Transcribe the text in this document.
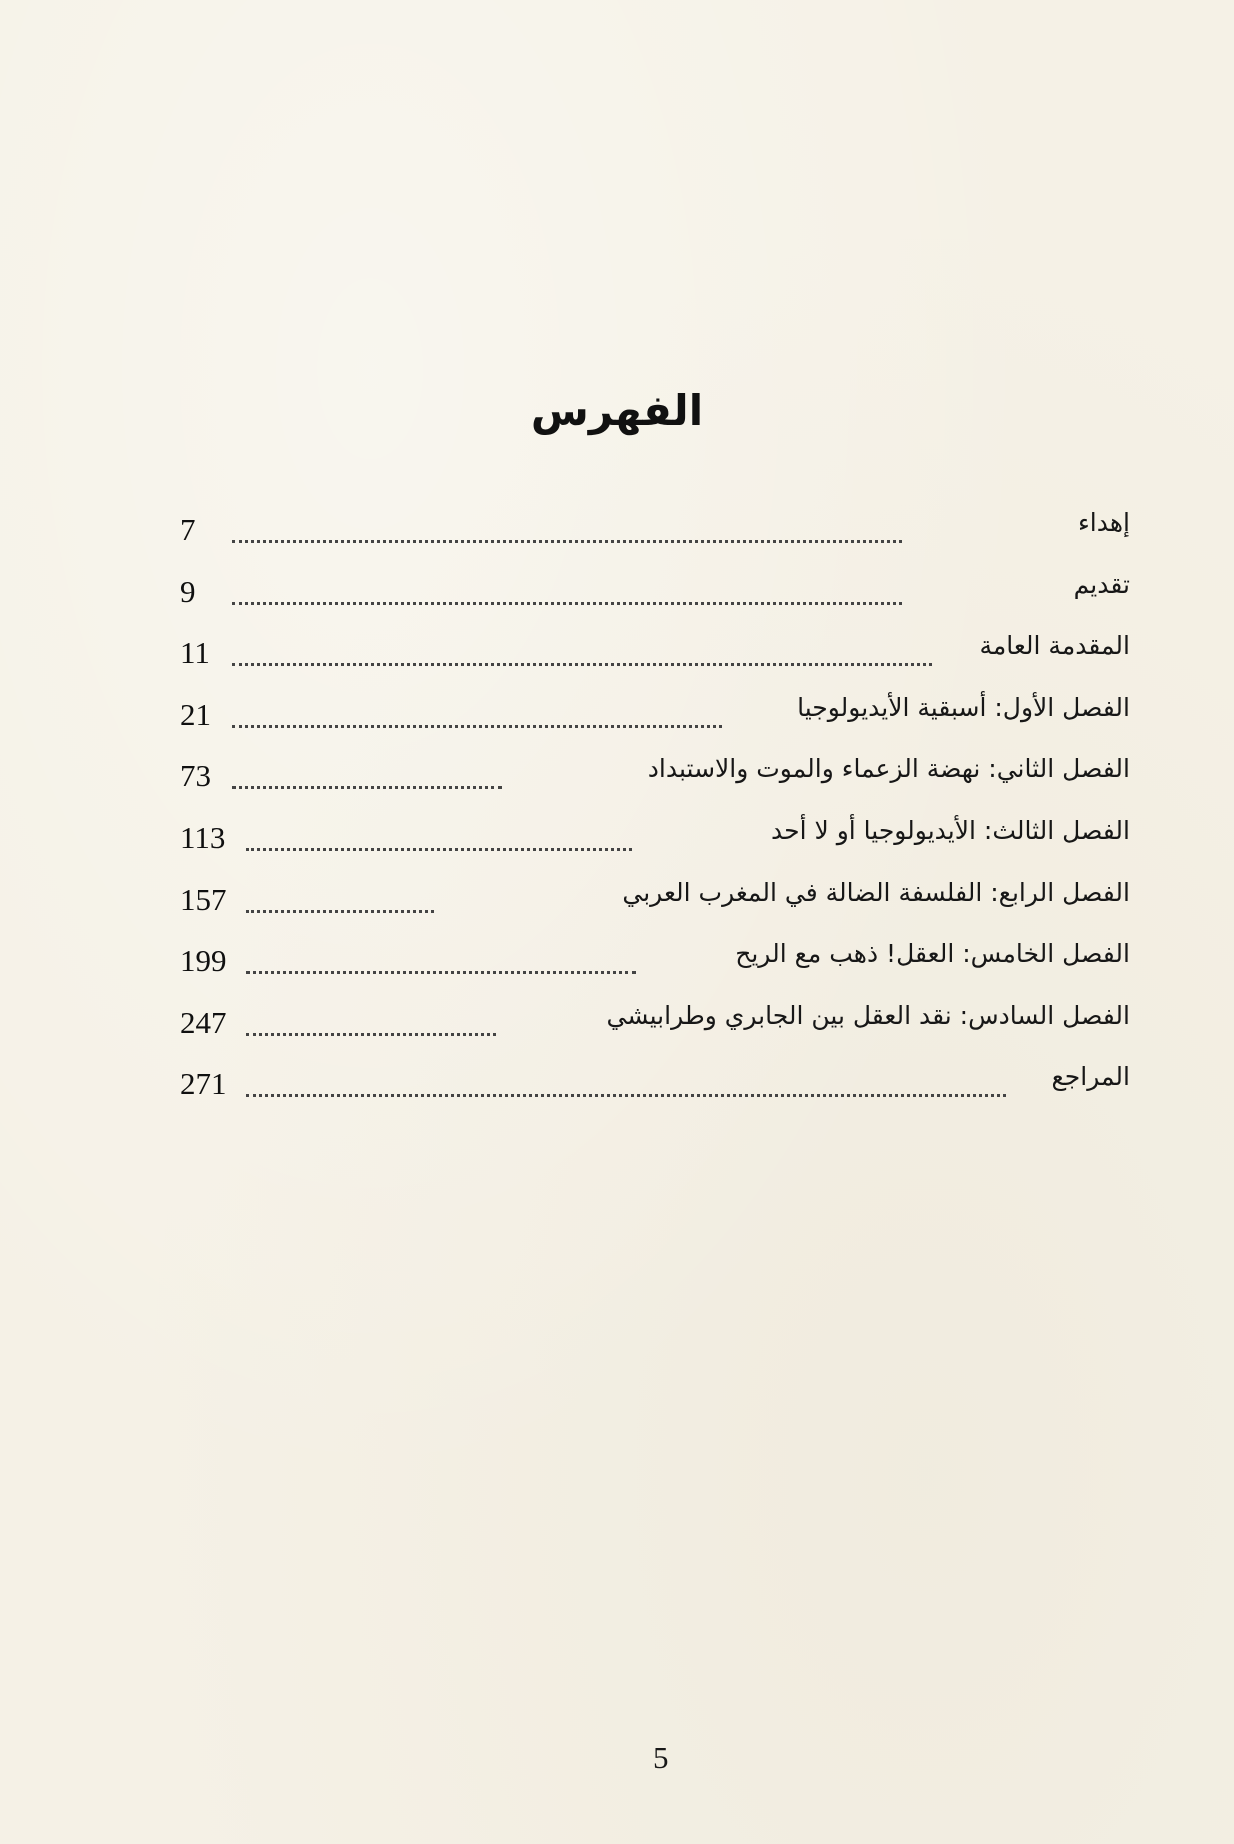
الفهرس
إهداء
7
تقديم
9
المقدمة العامة
11
الفصل الأول: أسبقية الأيديولوجيا
21
الفصل الثاني: نهضة الزعماء والموت والاستبداد
73
الفصل الثالث: الأيديولوجيا أو لا أحد
113
الفصل الرابع: الفلسفة الضالة في المغرب العربي
157
الفصل الخامس: العقل! ذهب مع الريح
199
الفصل السادس: نقد العقل بين الجابري وطرابيشي
247
المراجع
271
5
